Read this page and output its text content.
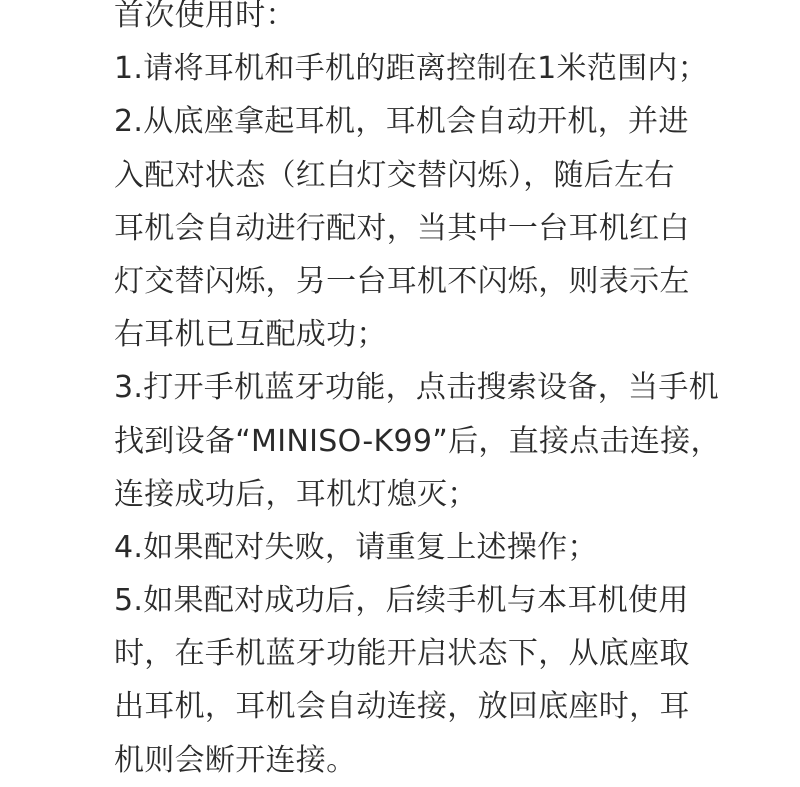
首次使用时：
1.请将耳机和手机的距离控制在1米范围内；
2.从底座拿起耳机，耳机会自动开机，并进
入配对状态（红白灯交替闪烁），随后左右
耳机会自动进行配对，当其中一台耳机红白
灯交替闪烁，另一台耳机不闪烁，则表示左
右耳机已互配成功；
3.打开手机蓝牙功能，点击搜索设备，当手机
找到设备“MINISO-K99”后，直接点击连接，
连接成功后，耳机灯熄灭；
4.如果配对失败，请重复上述操作；
5.如果配对成功后，后续手机与本耳机使用
时，在手机蓝牙功能开启状态下，从底座取
出耳机，耳机会自动连接，放回底座时，耳
机则会断开连接。
